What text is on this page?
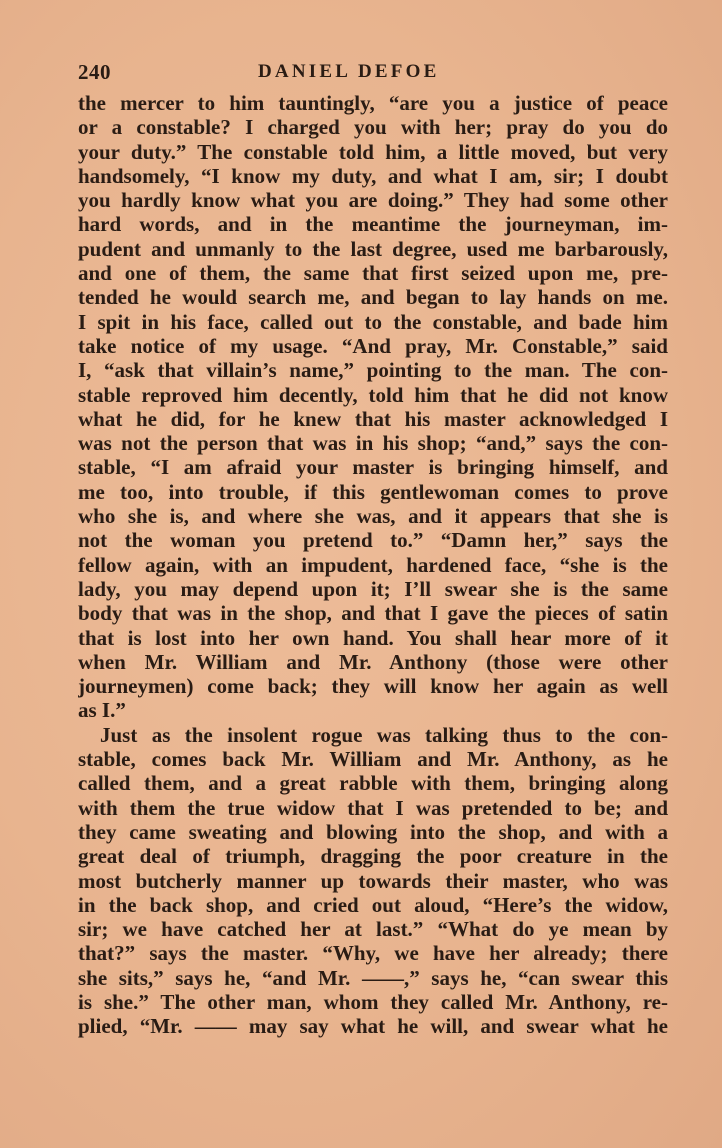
240	DANIEL DEFOE
the mercer to him tauntingly, “are you a justice of peace
or a constable? I charged you with her; pray do you do
your duty.” The constable told him, a little moved, but very
handsomely, “I know my duty, and what I am, sir; I doubt
you hardly know what you are doing.” They had some other
hard words, and in the meantime the journeyman, im-
pudent and unmanly to the last degree, used me barbarously,
and one of them, the same that first seized upon me, pre-
tended he would search me, and began to lay hands on me.
I spit in his face, called out to the constable, and bade him
take notice of my usage. “And pray, Mr. Constable,” said
I, “ask that villain’s name,” pointing to the man. The con-
stable reproved him decently, told him that he did not know
what he did, for he knew that his master acknowledged I
was not the person that was in his shop; “and,” says the con-
stable, “I am afraid your master is bringing himself, and
me too, into trouble, if this gentlewoman comes to prove
who she is, and where she was, and it appears that she is
not the woman you pretend to.” “Damn her,” says the
fellow again, with an impudent, hardened face, “she is the
lady, you may depend upon it; I’ll swear she is the same
body that was in the shop, and that I gave the pieces of satin
that is lost into her own hand. You shall hear more of it
when Mr. William and Mr. Anthony (those were other
journeymen) come back; they will know her again as well
as I.”
Just as the insolent rogue was talking thus to the con-
stable, comes back Mr. William and Mr. Anthony, as he
called them, and a great rabble with them, bringing along
with them the true widow that I was pretended to be; and
they came sweating and blowing into the shop, and with a
great deal of triumph, dragging the poor creature in the
most butcherly manner up towards their master, who was
in the back shop, and cried out aloud, “Here’s the widow,
sir; we have catched her at last.” “What do ye mean by
that?” says the master. “Why, we have her already; there
she sits,” says he, “and Mr. ——,” says he, “can swear this
is she.” The other man, whom they called Mr. Anthony, re-
plied, “Mr. —— may say what he will, and swear what he
